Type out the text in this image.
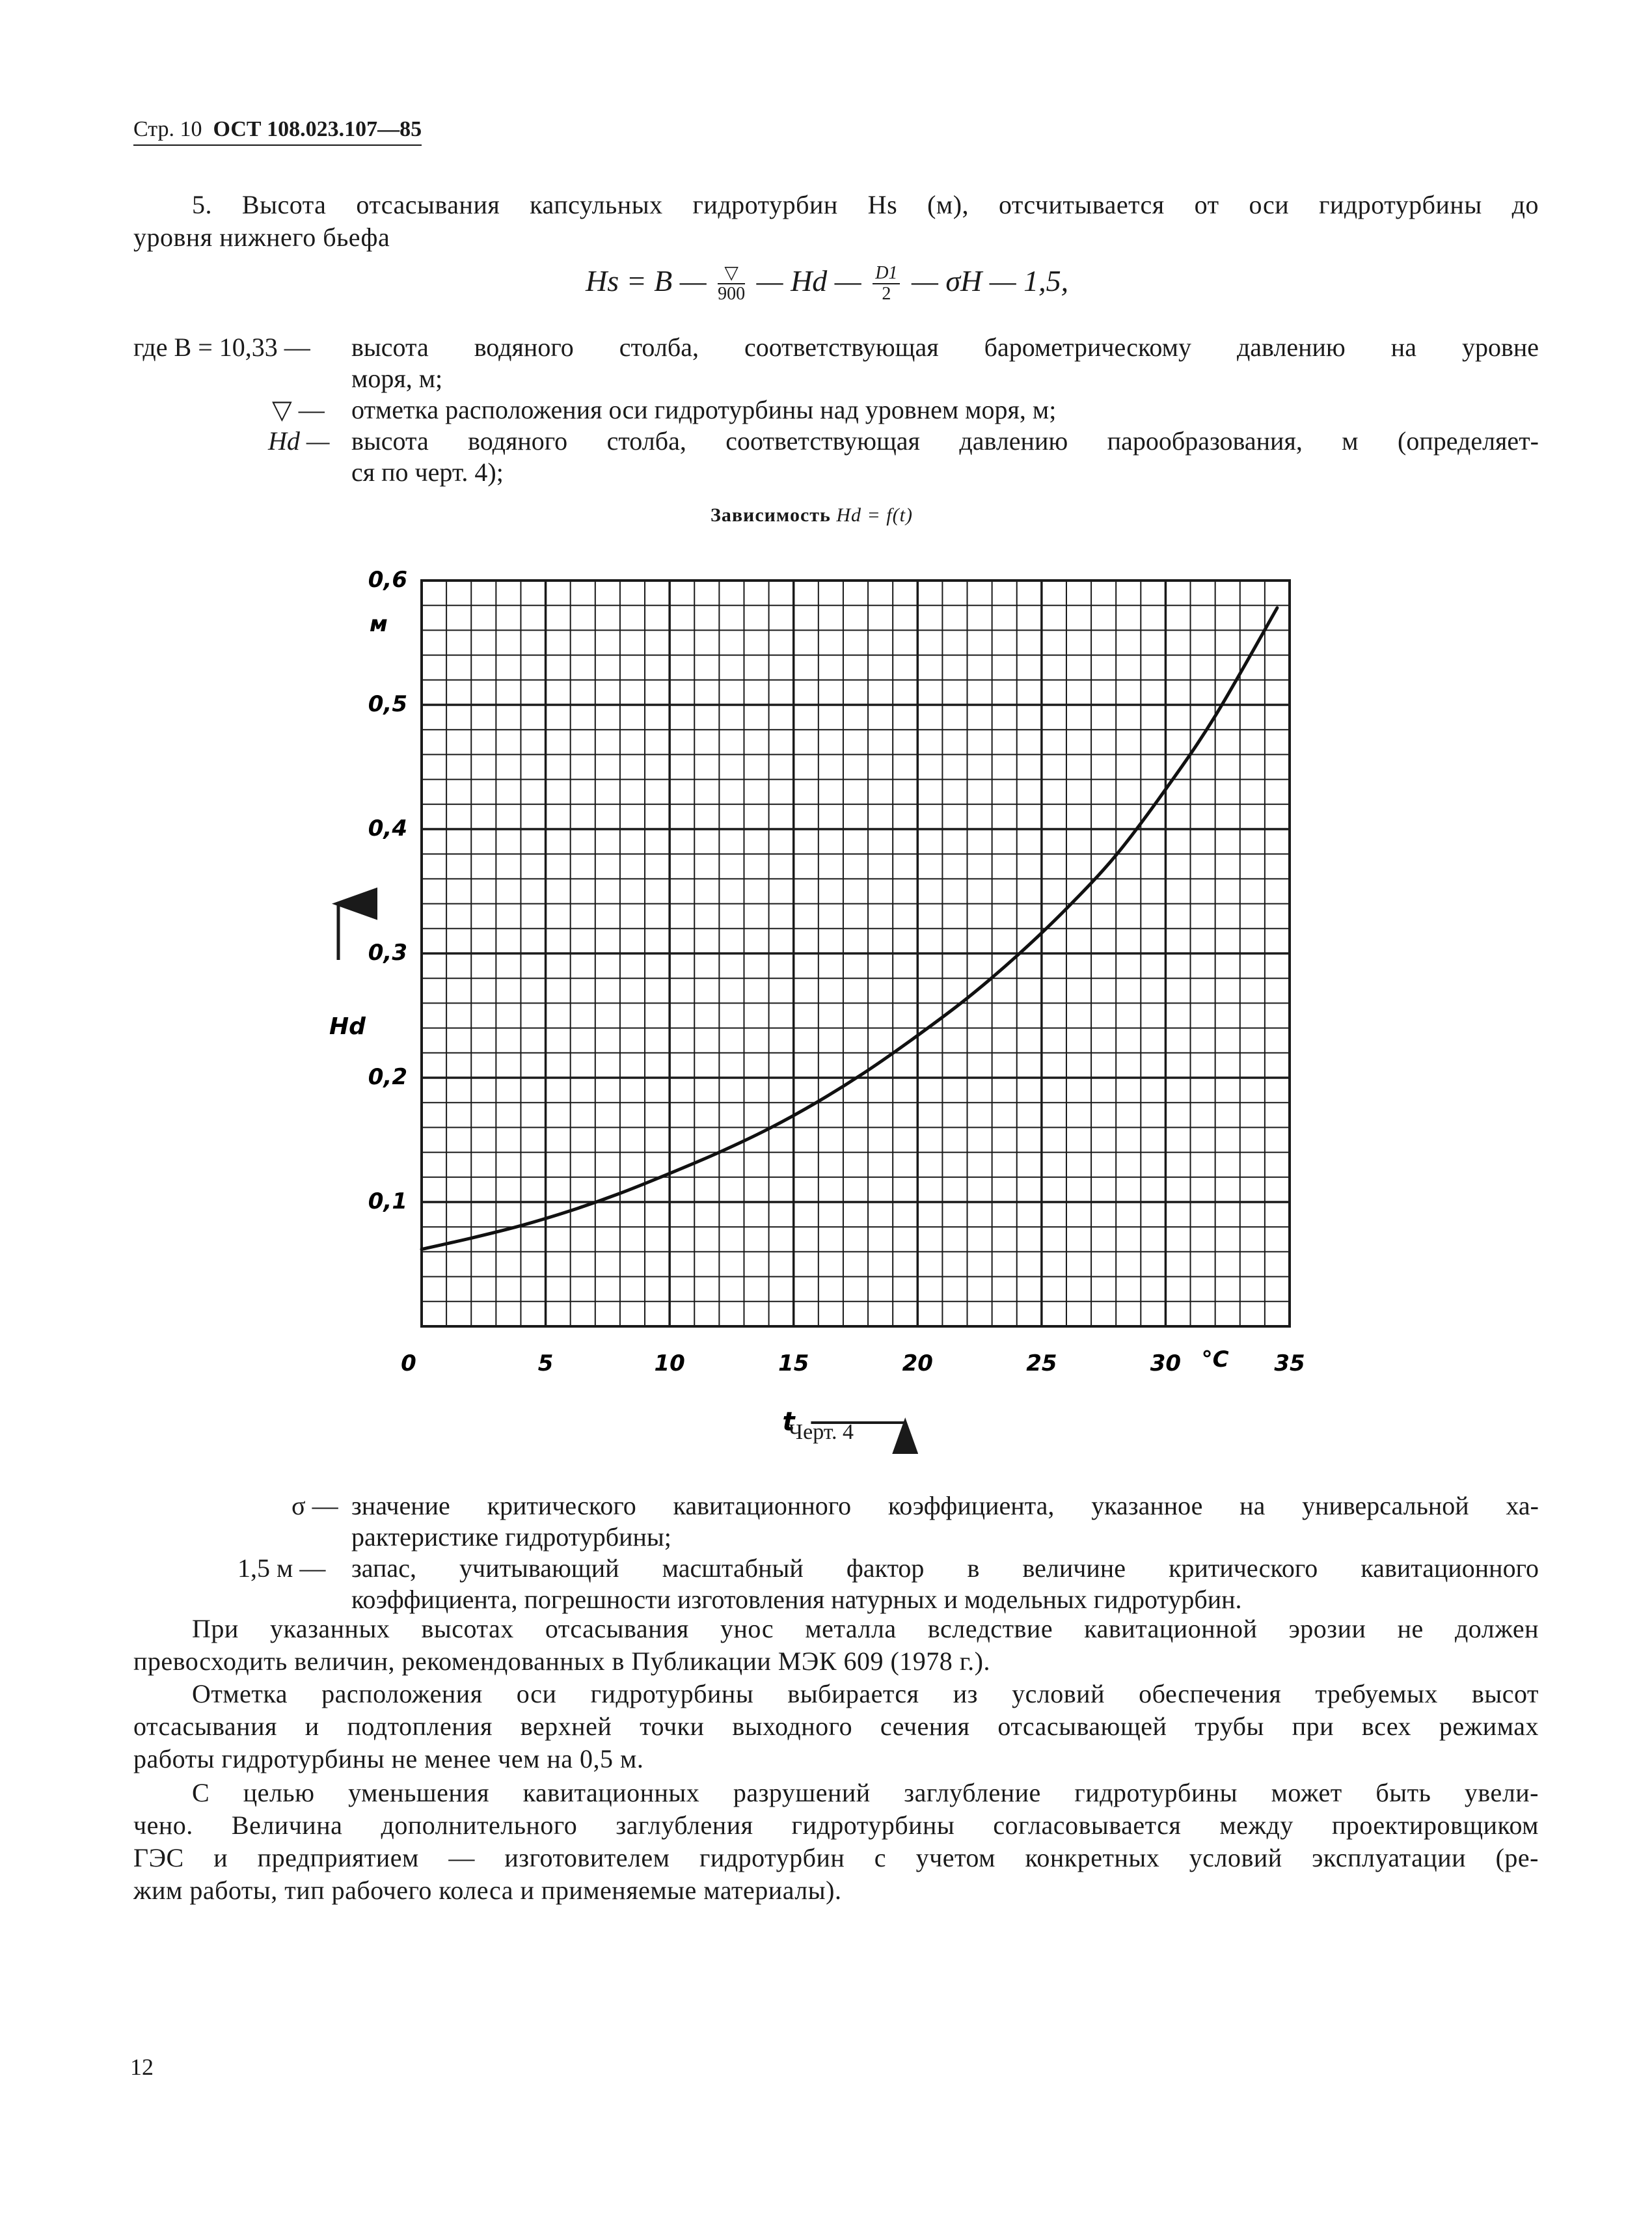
Стр. 10 ОСТ 108.023.107—85
5. Высота отсасывания капсульных гидротурбин Hs (м), отсчитывается от оси гидротурбины до
уровня нижнего бьефа
Hs = B — $\frac{▽}{900}$ — Hd — $\frac{D1}{2}$ — σH — 1,5,
где B = 10,33 — высота водяного столба, соответствующая барометрическому давлению на уровне
моря, м;
▽ — отметка расположения оси гидротурбины над уровнем моря, м;
Hd — высота водяного столба, соответствующая давлению парообразования, м (определяет-
ся по черт. 4);
Зависимость Hd = f(t)
0,1
0,2
0,3
0,4
0,5
0,6
0	5	10	15	20	25	30	35
м
°C
Hd
t
Черт. 4
σ — значение критического кавитационного коэффициента, указанное на универсальной ха-
рактеристике гидротурбины;
1,5 м — запас, учитывающий масштабный фактор в величине критического кавитационного
коэффициента, погрешности изготовления натурных и модельных гидротурбин.
При указанных высотах отсасывания унос металла вследствие кавитационной эрозии не должен
превосходить величин, рекомендованных в Публикации МЭК 609 (1978 г.).
Отметка расположения оси гидротурбины выбирается из условий обеспечения требуемых высот
отсасывания и подтопления верхней точки выходного сечения отсасывающей трубы при всех режимах
работы гидротурбины не менее чем на 0,5 м.
С целью уменьшения кавитационных разрушений заглубление гидротурбины может быть увели-
чено. Величина дополнительного заглубления гидротурбины согласовывается между проектировщиком
ГЭС и предприятием — изготовителем гидротурбин с учетом конкретных условий эксплуатации (ре-
жим работы, тип рабочего колеса и применяемые материалы).
12
